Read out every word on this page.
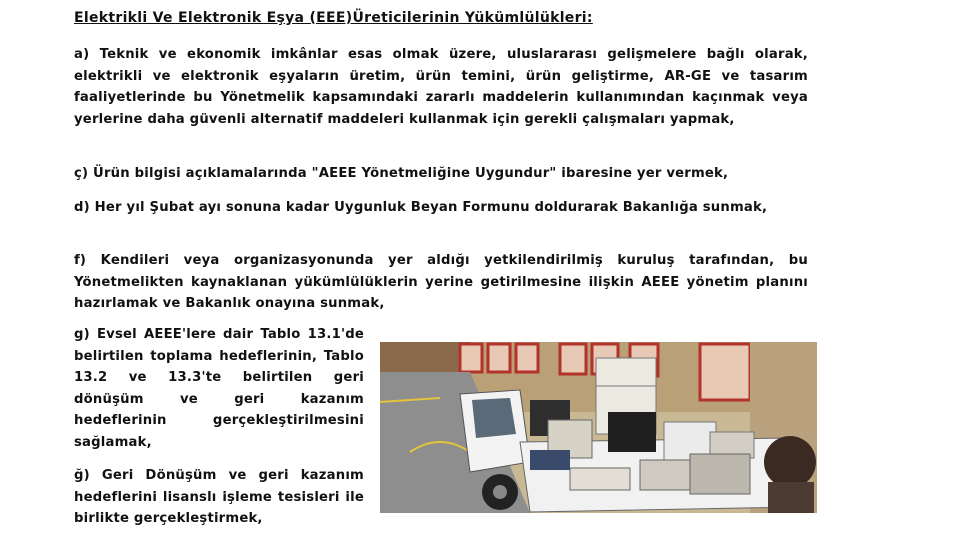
Elektrikli Ve Elektronik Eşya (EEE)Üreticilerinin Yükümlülükleri:
a) Teknik ve ekonomik imkânlar esas olmak üzere, uluslararası gelişmelere bağlı olarak, elektrikli ve elektronik eşyaların üretim, ürün temini, ürün geliştirme, AR-GE ve tasarım faaliyetlerinde bu Yönetmelik kapsamındaki zararlı maddelerin kullanımından kaçınmak veya yerlerine daha güvenli alternatif maddeleri kullanmak için gerekli çalışmaları yapmak,
ç) Ürün bilgisi açıklamalarında "AEEE Yönetmeliğine Uygundur" ibaresine yer vermek,
d) Her yıl Şubat ayı sonuna kadar Uygunluk Beyan Formunu doldurarak Bakanlığa sunmak,
f) Kendileri veya organizasyonunda yer aldığı yetkilendirilmiş kuruluş tarafından, bu Yönetmelikten kaynaklanan yükümlülüklerin yerine getirilmesine ilişkin AEEE yönetim planını hazırlamak ve Bakanlık onayına sunmak,
g) Evsel AEEE'lere dair Tablo 13.1'de belirtilen toplama hedeflerinin, Tablo 13.2 ve 13.3'te belirtilen geri dönüşüm ve geri kazanım hedeflerinin gerçekleştirilmesini sağlamak,
ğ) Geri Dönüşüm ve geri kazanım hedeflerini lisanslı işleme tesisleri ile birlikte gerçekleştirmek,
